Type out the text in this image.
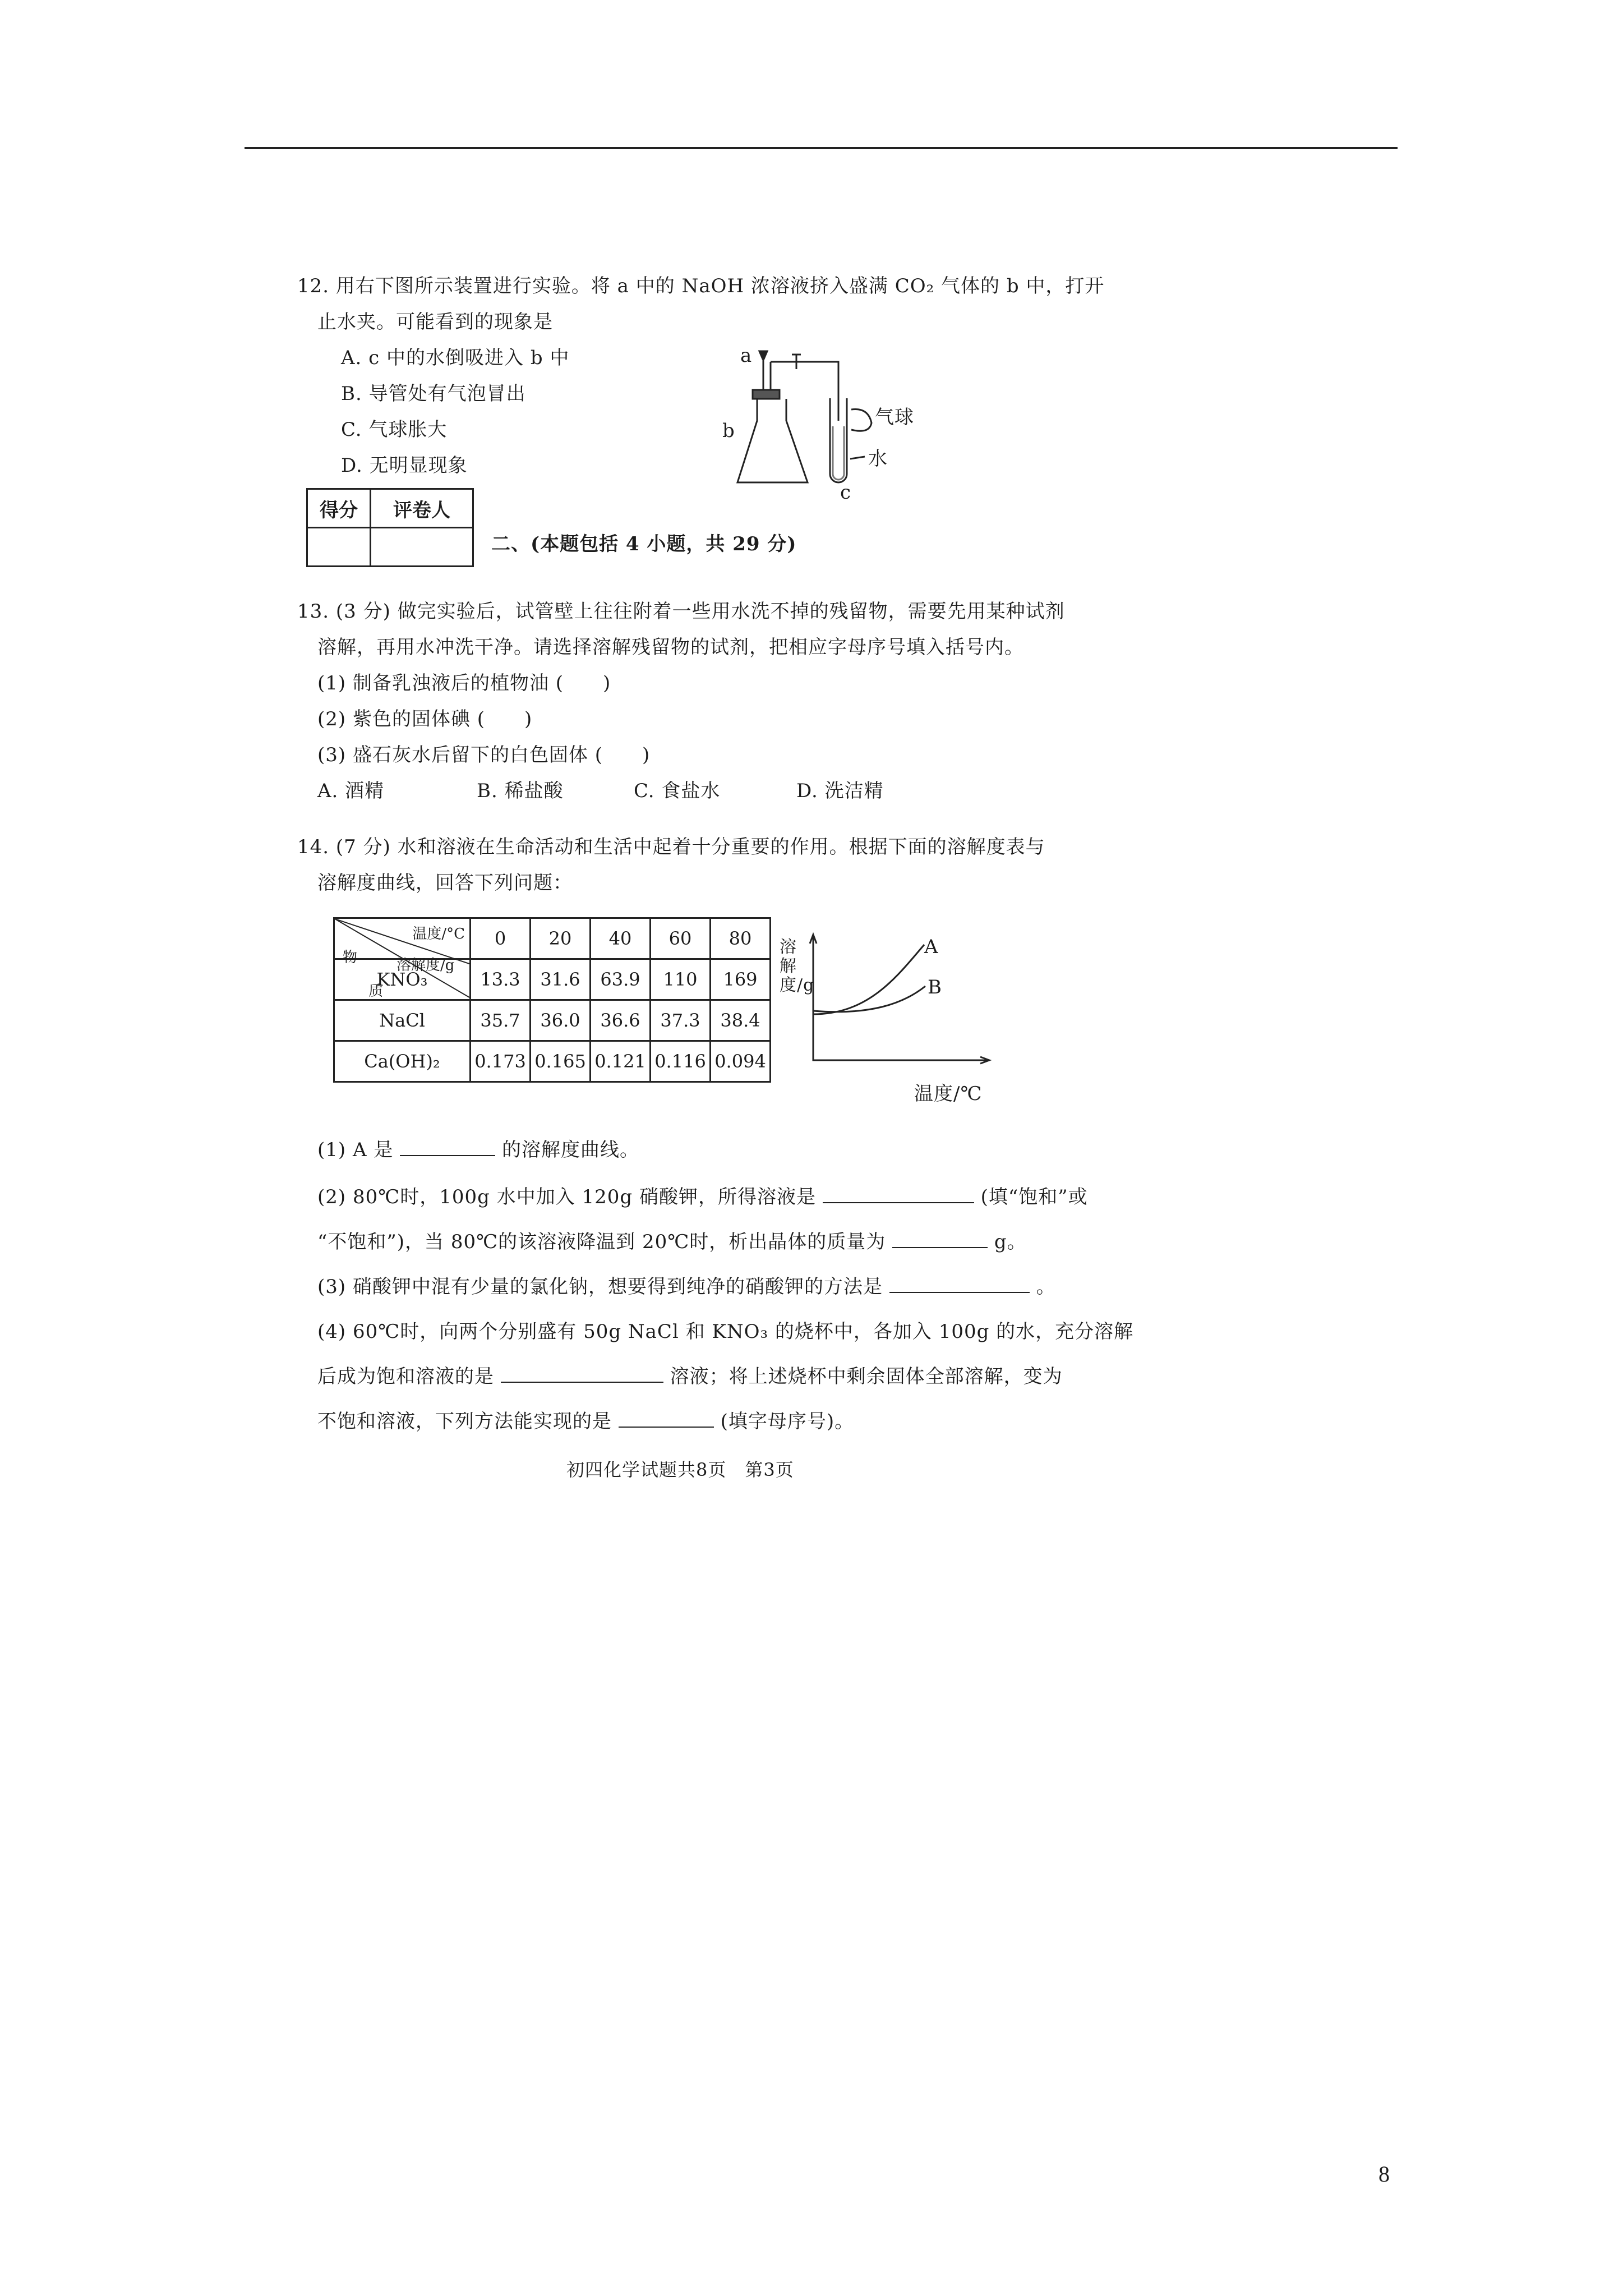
12. 用右下图所示装置进行实验。将 a 中的 NaOH 浓溶液挤入盛满 CO₂ 气体的 b 中，打开
止水夹。可能看到的现象是
A. c 中的水倒吸进入 b 中
B. 导管处有气泡冒出
C. 气球胀大
D. 无明显现象
a
b
c
气球
水
得分	评卷人

二、(本题包括 4 小题，共 29 分)
13. (3 分) 做完实验后，试管壁上往往附着一些用水洗不掉的残留物，需要先用某种试剂
溶解，再用水冲洗干净。请选择溶解残留物的试剂，把相应字母序号填入括号内。
(1) 制备乳浊液后的植物油 (　　)
(2) 紫色的固体碘 (　　)
(3) 盛石灰水后留下的白色固体 (　　)
A. 酒精	B. 稀盐酸	C. 食盐水	D. 洗洁精
14. (7 分) 水和溶液在生命活动和生活中起着十分重要的作用。根据下面的溶解度表与
溶解度曲线，回答下列问题：
温度/°C
溶解度/g
物
质	0	20	40	60	80
KNO₃	13.3	31.6	63.9	110	169
NaCl	35.7	36.0	36.6	37.3	38.4
Ca(OH)₂	0.173	0.165	0.121	0.116	0.094
溶解度/g
A
B
温度/℃
(1) A 是	的溶解度曲线。
(2) 80℃时，100g 水中加入 120g 硝酸钾，所得溶液是	(填“饱和”或
“不饱和”)，当 80℃的该溶液降温到 20℃时，析出晶体的质量为	g。
(3) 硝酸钾中混有少量的氯化钠，想要得到纯净的硝酸钾的方法是	。
(4) 60℃时，向两个分别盛有 50g NaCl 和 KNO₃ 的烧杯中，各加入 100g 的水，充分溶解
后成为饱和溶液的是	溶液；将上述烧杯中剩余固体全部溶解，变为
不饱和溶液，下列方法能实现的是	(填字母序号)。
初四化学试题共8页　第3页
8
